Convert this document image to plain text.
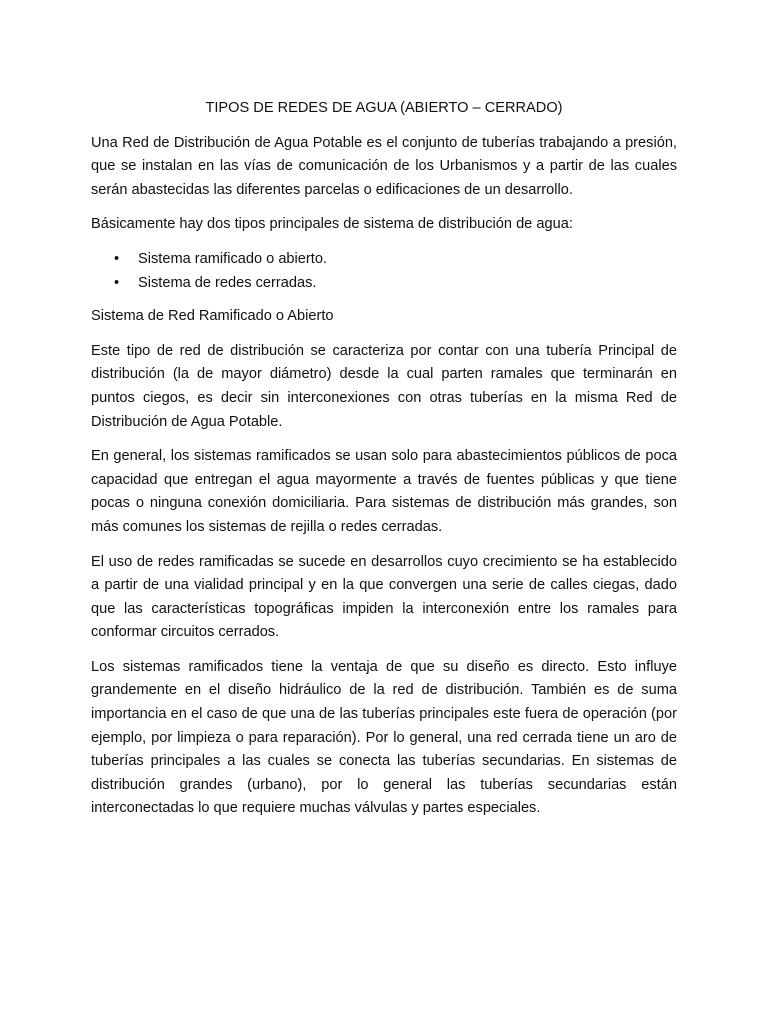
TIPOS DE REDES DE AGUA (ABIERTO – CERRADO)

Una Red de Distribución de Agua Potable es el conjunto de tuberías trabajando a presión, que se instalan en las vías de comunicación de los Urbanismos y a partir de las cuales serán abastecidas las diferentes parcelas o edificaciones de un desarrollo.

Básicamente hay dos tipos principales de sistema de distribución de agua:

• Sistema ramificado o abierto.
• Sistema de redes cerradas.

Sistema de Red Ramificado o Abierto

Este tipo de red de distribución se caracteriza por contar con una tubería Principal de distribución (la de mayor diámetro) desde la cual parten ramales que terminarán en puntos ciegos, es decir sin interconexiones con otras tuberías en la misma Red de Distribución de Agua Potable.

En general, los sistemas ramificados se usan solo para abastecimientos públicos de poca capacidad que entregan el agua mayormente a través de fuentes públicas y que tiene pocas o ninguna conexión domiciliaria. Para sistemas de distribución más grandes, son más comunes los sistemas de rejilla o redes cerradas.

El uso de redes ramificadas se sucede en desarrollos cuyo crecimiento se ha establecido a partir de una vialidad principal y en la que convergen una serie de calles ciegas, dado que las características topográficas impiden la interconexión entre los ramales para conformar circuitos cerrados.

Los sistemas ramificados tiene la ventaja de que su diseño es directo. Esto influye grandemente en el diseño hidráulico de la red de distribución. También es de suma importancia en el caso de que una de las tuberías principales este fuera de operación (por ejemplo, por limpieza o para reparación). Por lo general, una red cerrada tiene un aro de tuberías principales a las cuales se conecta las tuberías secundarias. En sistemas de distribución grandes (urbano), por lo general las tuberías secundarias están interconectadas lo que requiere muchas válvulas y partes especiales.
